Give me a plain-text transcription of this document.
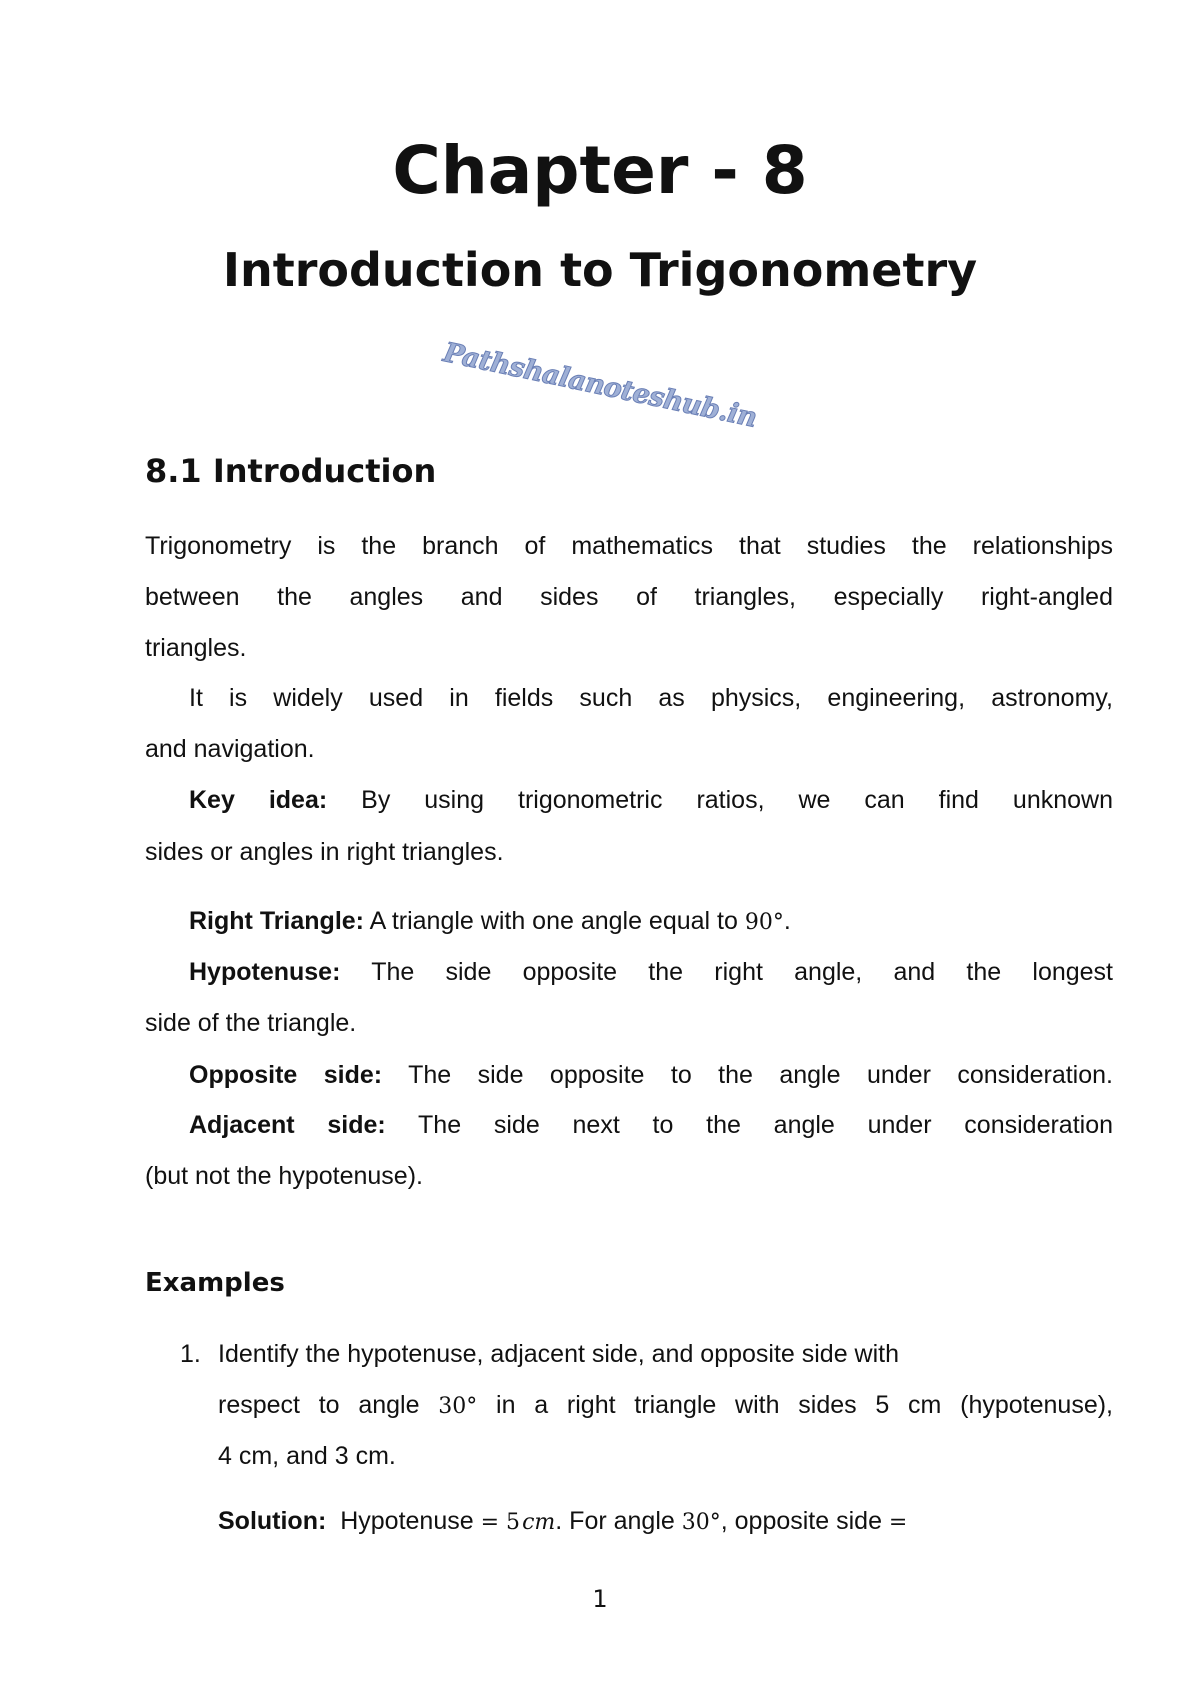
Chapter - 8
Introduction to Trigonometry
8.1 Introduction
Trigonometry is the branch of mathematics that studies the relationships
between the angles and sides of triangles, especially right-angled
triangles.
It is widely used in fields such as physics, engineering, astronomy,
and navigation.
Key idea: By using trigonometric ratios, we can find unknown
sides or angles in right triangles.
Right Triangle: A triangle with one angle equal to 90°.
Hypotenuse: The side opposite the right angle, and the longest
side of the triangle.
Opposite side: The side opposite to the angle under consideration.
Adjacent side: The side next to the angle under consideration
(but not the hypotenuse).
Examples
1. Identify the hypotenuse, adjacent side, and opposite side with
respect to angle 30° in a right triangle with sides 5 cm (hypotenuse),
4 cm, and 3 cm.
Solution: Hypotenuse = 5 cm. For angle 30°, opposite side =
1
Pathshalanoteshub.in
